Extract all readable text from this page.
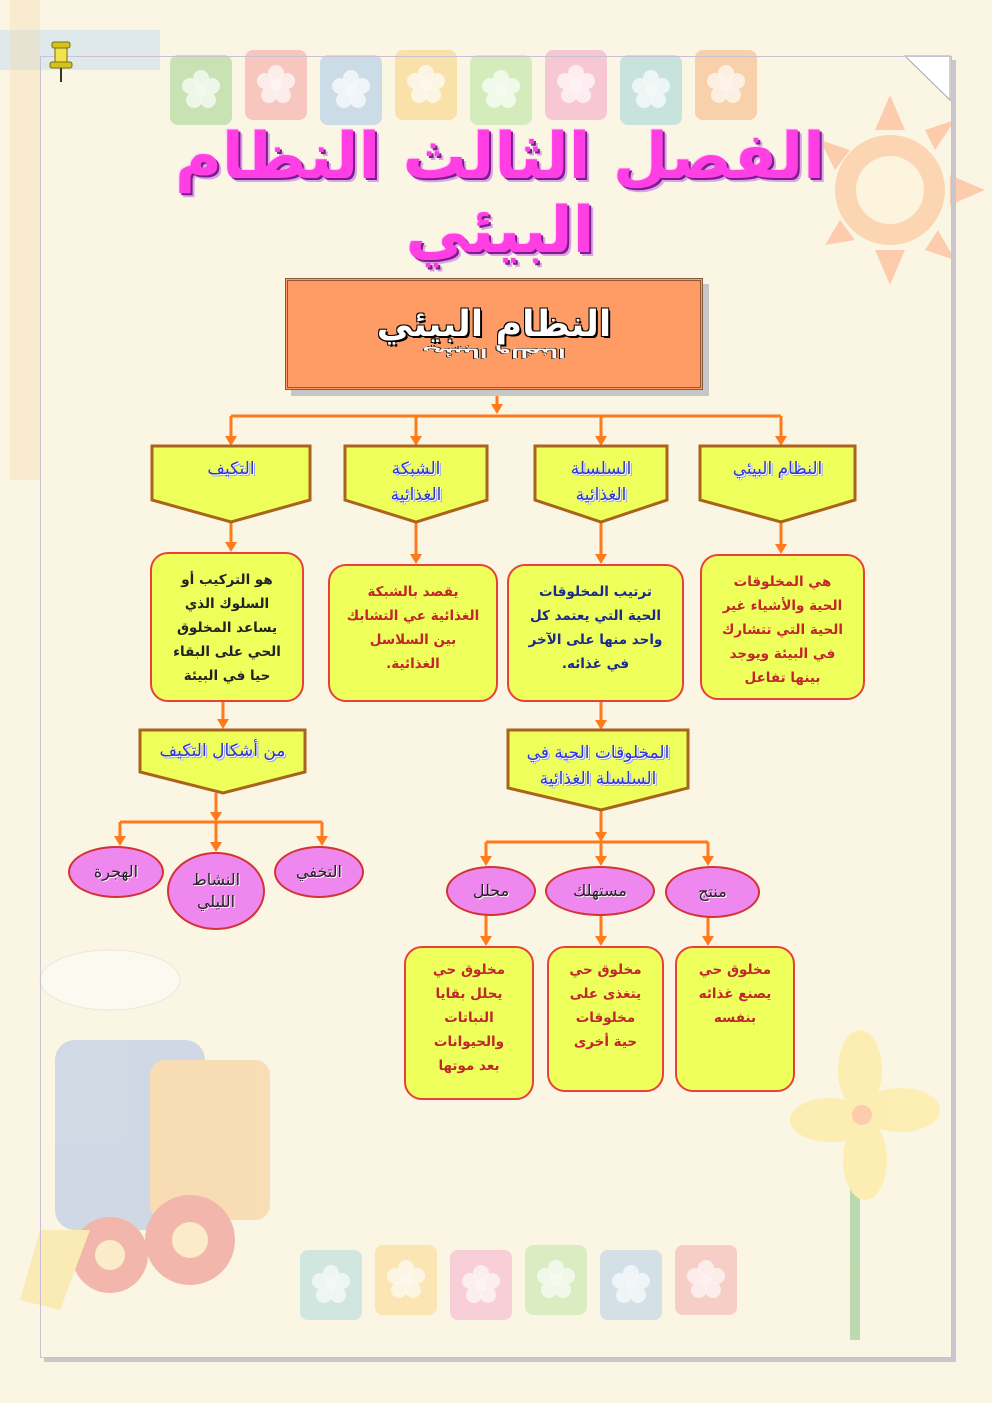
الفصل الثالث النظام البيئي
النظام البيئي
النظام البيئي
التكيف	الشبكة
الغذائية
السلسلة
الغذائية
النظام البيئي
هو التركيب أو
السلوك الذي
يساعد المخلوق
الحي على البقاء
حيا في البيئة
يقصد بالشبكة
الغذائية عي التشابك
بين السلاسل
الغذائية.
ترتيب المخلوقات
الحية التي يعتمد كل
واحد منها على الآخر
في غذائه.
هي المخلوقات
الحية والأشياء غير
الحية التي تتشارك
في البيئة ويوجد
بينها تفاعل
من أشكال التكيف	المخلوقات الحية في
السلسلة الغذائية
الهجرة	النشاط
الليلي
التخفي
محلل	مستهلك	منتج
مخلوق حي
يحلل بقايا
النباتات
والحيوانات
بعد موتها
مخلوق حي
يتغذى على
مخلوقات
حية أخرى
مخلوق حي
يصنع غذائه
بنفسه
